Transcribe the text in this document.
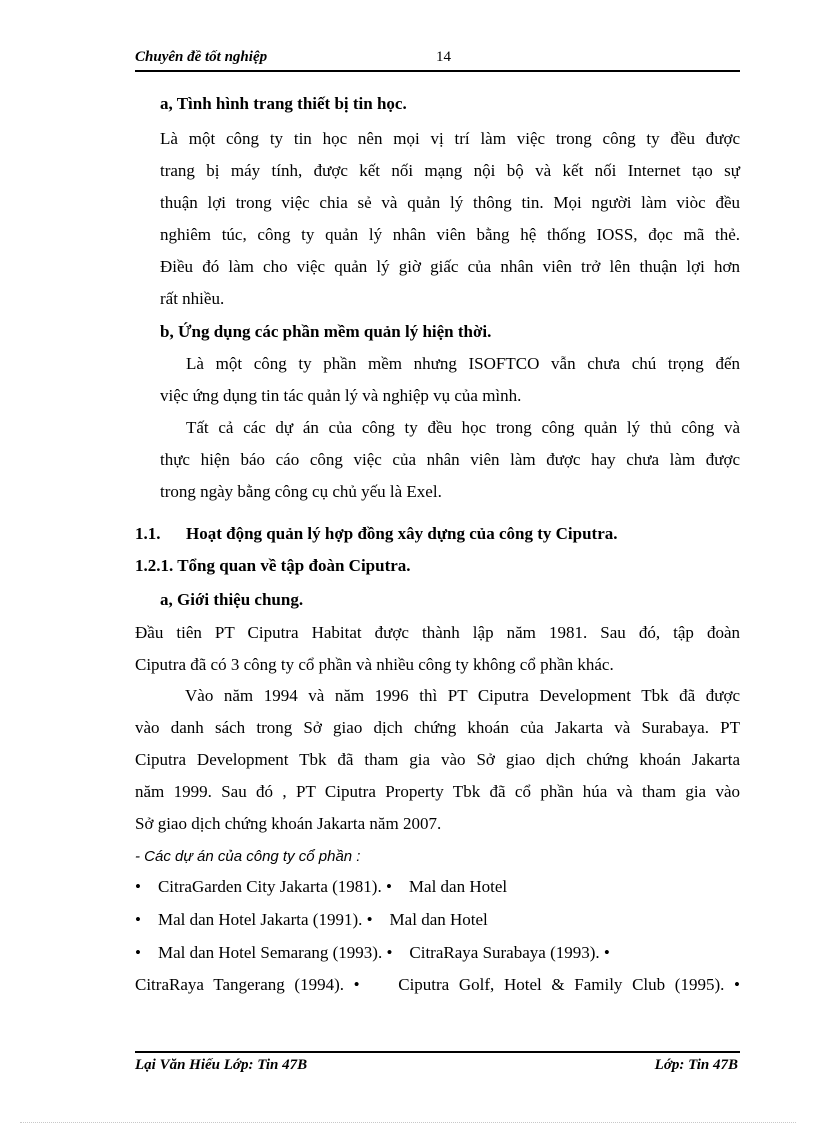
Chuyên đề tốt nghiệp	14
a, Tình hình trang thiết bị tin học.
Là một công ty tin học nên mọi vị trí làm việc trong công ty đều được
trang bị máy tính, được kết nối mạng nội bộ và kết nối Internet tạo sự
thuận lợi trong việc chia sẻ và quản lý thông tin. Mọi người làm viòc đều
nghiêm túc, công ty quản lý nhân viên bằng hệ thống IOSS, đọc mã thẻ.
Điều đó làm cho việc quản lý giờ giấc của nhân viên trở lên thuận lợi hơn
rất nhiều.
b, Ứng dụng các phần mềm quản lý hiện thời.
Là một công ty phần mềm nhưng ISOFTCO vẫn chưa chú trọng đến
việc ứng dụng tin tác quản lý và nghiệp vụ của mình.
Tất cả các dự án của công ty đều học trong công quản lý thủ công và
thực hiện báo cáo công việc của nhân viên làm được hay chưa làm được
trong ngày bằng công cụ chủ yếu là Exel.
1.1. Hoạt động quản lý hợp đồng xây dựng của công ty Ciputra.
1.2.1. Tổng quan về tập đoàn Ciputra.
a, Giới thiệu chung.
Đầu tiên PT Ciputra Habitat được thành lập năm 1981. Sau đó, tập đoàn
Ciputra đã có 3 công ty cổ phần và nhiều công ty không cổ phần khác.
Vào năm 1994 và năm 1996 thì PT Ciputra Development Tbk đã được
vào danh sách trong Sở giao dịch chứng khoán của Jakarta và Surabaya. PT
Ciputra Development Tbk đã tham gia vào Sở giao dịch chứng khoán Jakarta
năm 1999. Sau đó , PT Ciputra Property Tbk đã cổ phần húa và tham gia vào
Sở giao dịch chứng khoán Jakarta năm 2007.
- Các dự án của công ty cổ phần :
•    CitraGarden City Jakarta (1981). •    Mal dan Hotel
•    Mal dan Hotel Jakarta (1991). •    Mal dan Hotel
•    Mal dan Hotel Semarang (1993). •    CitraRaya Surabaya (1993). •
CitraRaya Tangerang (1994). •    Ciputra Golf, Hotel & Family Club (1995). •
Lại Văn Hiếu Lớp: Tin 47B	Lớp: Tin 47B
